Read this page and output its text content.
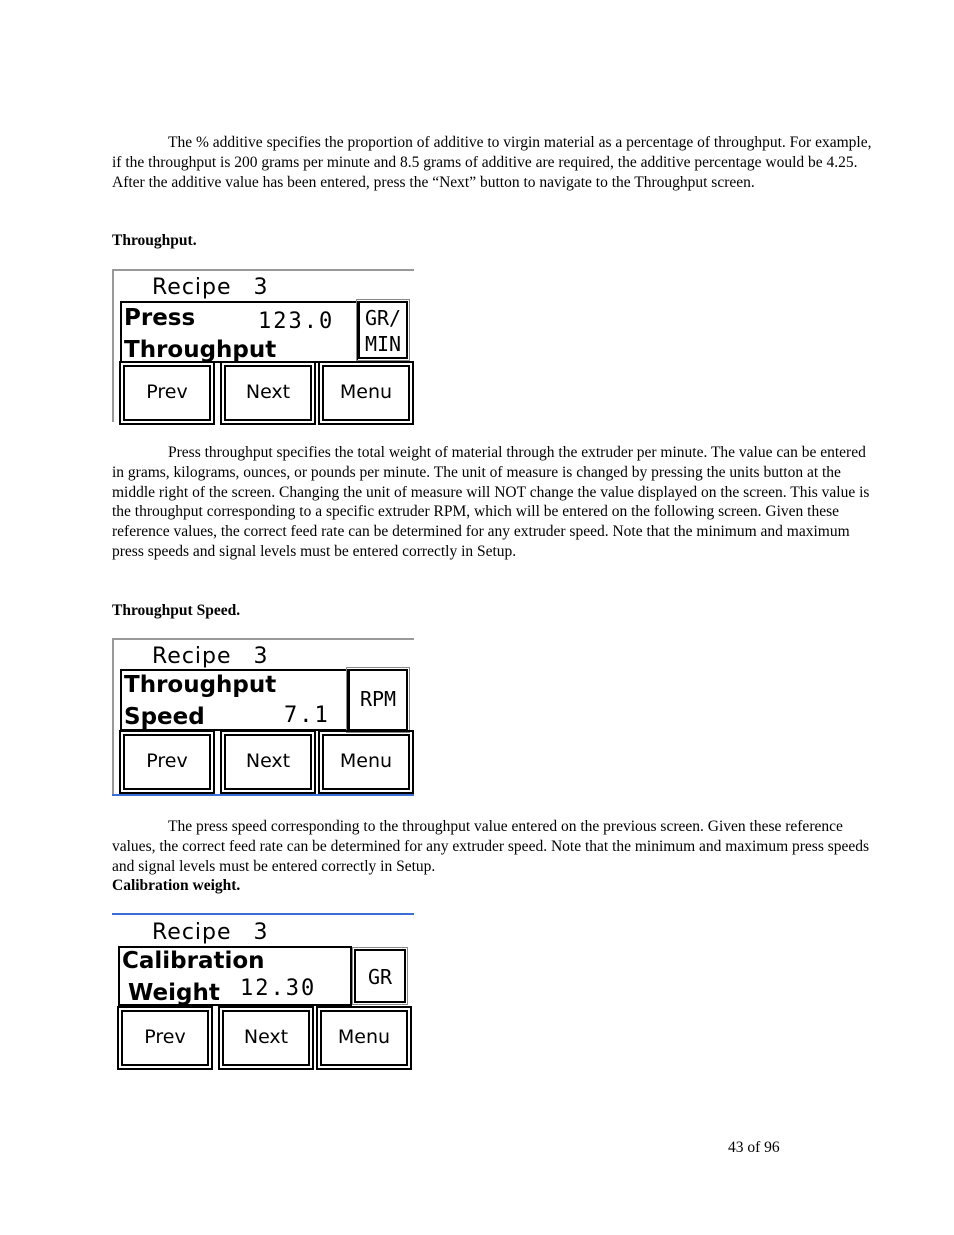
The % additive specifies the proportion of additive to virgin material as a percentage of throughput. For example, if the throughput is 200 grams per minute and 8.5 grams of additive are required, the additive percentage would be 4.25. After the additive value has been entered, press the “Next” button to navigate to the Throughput screen.

Throughput.

Recipe 3
Press
Throughput
123.0 GR/
MIN
Prev	Next	Menu

Press throughput specifies the total weight of material through the extruder per minute. The value can be entered in grams, kilograms, ounces, or pounds per minute. The unit of measure is changed by pressing the units button at the middle right of the screen. Changing the unit of measure will NOT change the value displayed on the screen. This value is the throughput corresponding to a specific extruder RPM, which will be entered on the following screen. Given these reference values, the correct feed rate can be determined for any extruder speed. Note that the minimum and maximum press speeds and signal levels must be entered correctly in Setup.

Throughput Speed.

Recipe 3
Throughput
Speed	7.1
RPM
Prev	Next	Menu

The press speed corresponding to the throughput value entered on the previous screen. Given these reference values, the correct feed rate can be determined for any extruder speed. Note that the minimum and maximum press speeds and signal levels must be entered correctly in Setup.

Calibration weight.

Recipe 3
Calibration
Weight 12.30	GR
Prev	Next	Menu
43 of 96
